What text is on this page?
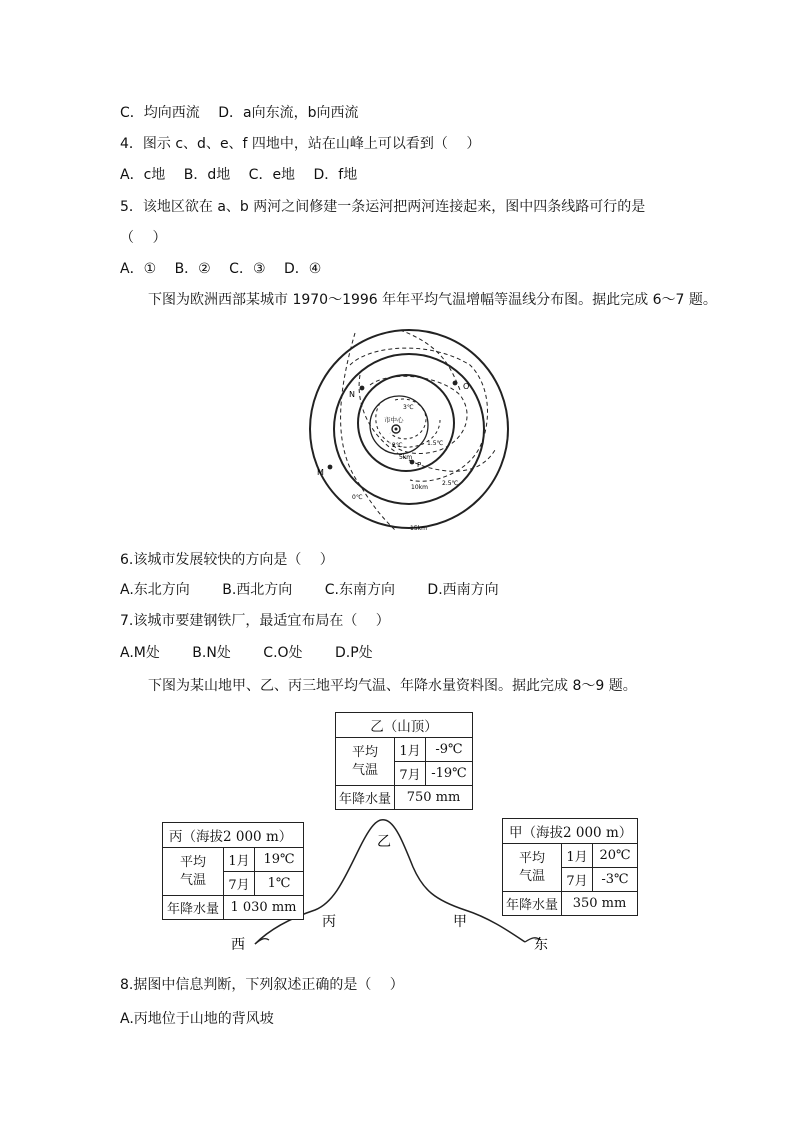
C．均向西流　 D．a向东流，b向西流
4．图示 c、d、e、f 四地中，站在山峰上可以看到（　 ）
A．c地　 B．d地　 C．e地　 D．f地
5．该地区欲在 a、b 两河之间修建一条运河把两河连接起来，图中四条线路可行的是
（　 ）
A．①　 B．②　 C．③　 D．④
下图为欧洲西部某城市 1970～1996 年年平均气温增幅等温线分布图。据此完成 6～7 题。
N
O
P
M
市中心
3℃
2℃	1.5℃
2.5℃
0℃
5km
10km
15km
6.该城市发展较快的方向是（　 ）
A.东北方向　　 B.西北方向　　 C.东南方向　　 D.西南方向
7.该城市要建钢铁厂，最适宜布局在（　 ）
A.M处　　 B.N处　　 C.O处　　 D.P处
下图为某山地甲、乙、丙三地平均气温、年降水量资料图。据此完成 8～9 题。
乙
丙	甲
西	东
乙（山顶）		
平均
气温	1月	-9℃
	7月	-19℃
年降水量	750 mm	
丙（海拔2 000 m）		
平均
气温	1月	19℃
	7月	1℃
年降水量	1 030 mm	
甲（海拔2 000 m）		
平均
气温	1月	20℃
	7月	-3℃
年降水量	350 mm	
8.据图中信息判断，下列叙述正确的是（　 ）
A.丙地位于山地的背风坡
